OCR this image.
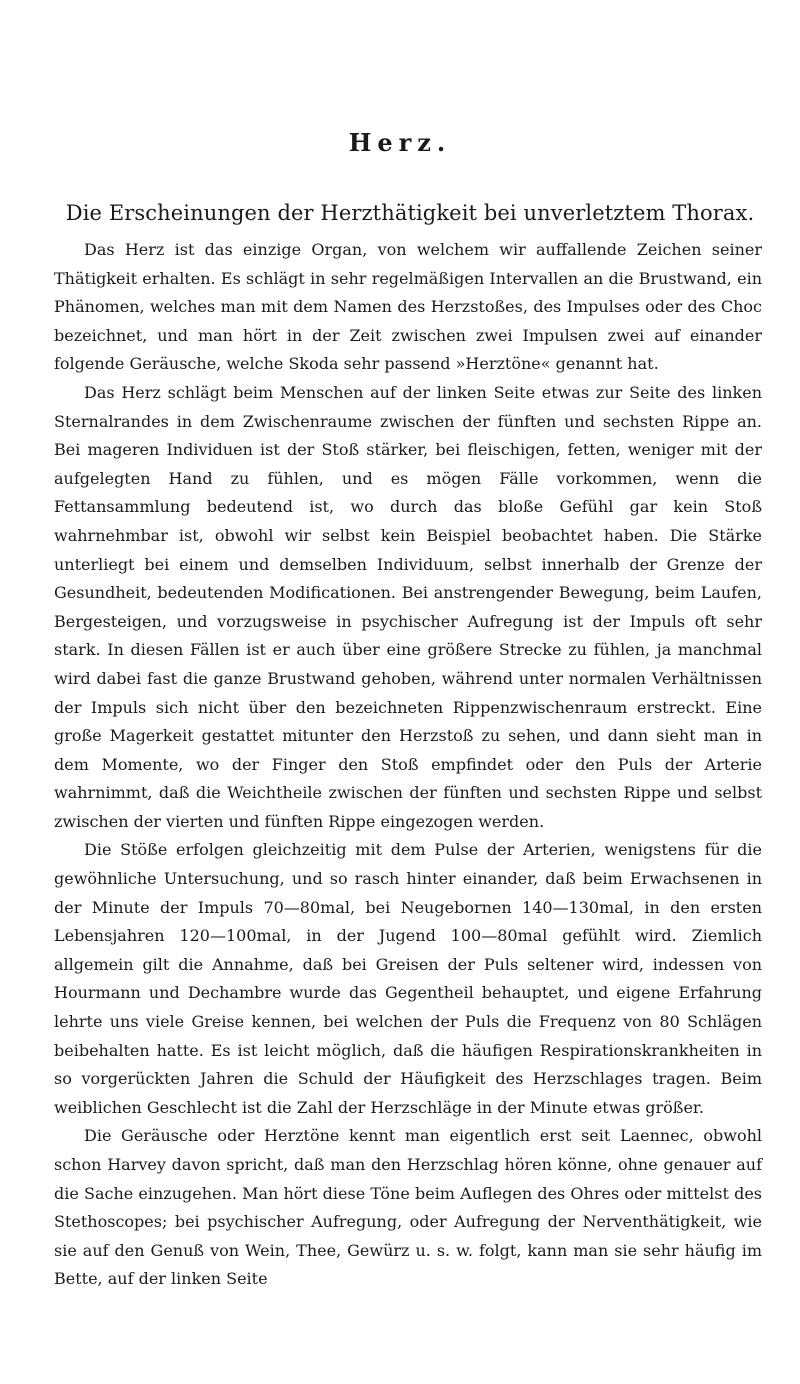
Herz.
Die Erscheinungen der Herzthätigkeit bei unverletztem Thorax.

Das Herz ist das einzige Organ, von welchem wir auffallende Zeichen seiner Thätigkeit erhalten. Es schlägt in sehr regelmäßigen Intervallen an die Brustwand, ein Phänomen, welches man mit dem Namen des Herzstoßes, des Impulses oder des Choc bezeichnet, und man hört in der Zeit zwischen zwei Impulsen zwei auf einander folgende Geräusche, welche Skoda sehr passend »Herztöne« genannt hat.

Das Herz schlägt beim Menschen auf der linken Seite etwas zur Seite des linken Sternalrandes in dem Zwischenraume zwischen der fünften und sechsten Rippe an. Bei mageren Individuen ist der Stoß stärker, bei fleischigen, fetten, weniger mit der aufgelegten Hand zu fühlen, und es mögen Fälle vorkommen, wenn die Fettansammlung bedeutend ist, wo durch das bloße Gefühl gar kein Stoß wahrnehmbar ist, obwohl wir selbst kein Beispiel beobachtet haben. Die Stärke unterliegt bei einem und demselben Individuum, selbst innerhalb der Grenze der Gesundheit, bedeutenden Modificationen. Bei anstrengender Bewegung, beim Laufen, Bergesteigen, und vorzugsweise in psychischer Aufregung ist der Impuls oft sehr stark. In diesen Fällen ist er auch über eine größere Strecke zu fühlen, ja manchmal wird dabei fast die ganze Brustwand gehoben, während unter normalen Verhältnissen der Impuls sich nicht über den bezeichneten Rippenzwischenraum erstreckt. Eine große Magerkeit gestattet mitunter den Herzstoß zu sehen, und dann sieht man in dem Momente, wo der Finger den Stoß empfindet oder den Puls der Arterie wahrnimmt, daß die Weichtheile zwischen der fünften und sechsten Rippe und selbst zwischen der vierten und fünften Rippe eingezogen werden.

Die Stöße erfolgen gleichzeitig mit dem Pulse der Arterien, wenigstens für die gewöhnliche Untersuchung, und so rasch hinter einander, daß beim Erwachsenen in der Minute der Impuls 70—80mal, bei Neugebornen 140—130mal, in den ersten Lebensjahren 120—100mal, in der Jugend 100—80mal gefühlt wird. Ziemlich allgemein gilt die Annahme, daß bei Greisen der Puls seltener wird, indessen von Hourmann und Dechambre wurde das Gegentheil behauptet, und eigene Erfahrung lehrte uns viele Greise kennen, bei welchen der Puls die Frequenz von 80 Schlägen beibehalten hatte. Es ist leicht möglich, daß die häufigen Respirationskrankheiten in so vorgerückten Jahren die Schuld der Häufigkeit des Herzschlages tragen. Beim weiblichen Geschlecht ist die Zahl der Herzschläge in der Minute etwas größer.

Die Geräusche oder Herztöne kennt man eigentlich erst seit Laennec, obwohl schon Harvey davon spricht, daß man den Herzschlag hören könne, ohne genauer auf die Sache einzugehen. Man hört diese Töne beim Auflegen des Ohres oder mittelst des Stethoscopes; bei psychischer Aufregung, oder Aufregung der Nerventhätigkeit, wie sie auf den Genuß von Wein, Thee, Gewürz u. s. w. folgt, kann man sie sehr häufig im Bette, auf der linken Seite
